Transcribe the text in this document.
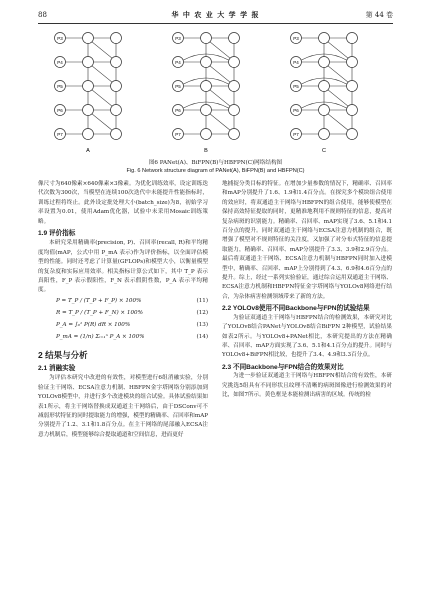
88	华 中 农 业 大 学 学 报	第 44 卷
P3
P4
P5
P6
P7
P3
P4
P5
P6
P7
P3
P4
P5
P6
P7
A	B	C
图6 PANet(A)、BiFPN(B)与HBFPN(C)网络结构图
Fig. 6 Network structure diagram of PANet(A), BiFPN(B) and HBFPN(C)

像尺寸为640像素×640像素×3像素。为优化训练效率，设定训练迭代次数为300次，当模型在连续100次迭代中未能提升性能指标时，训练过程将终止。此外设定批处理大小(batch_size)为8，初始学习率设置为0.01，使用Adam优化器，试验中未采用Mosaic训练策略。

1.9 评价指标

本研究采用精确率(precision, P)、召回率(recall, R)和平均精度均值(mAP，公式中用 P_mA 表示)作为评价指标，以全面评估模型的性能。同时还考虑了计算量(GFLOPs)和模型大小，以衡量模型的复杂度和实际应用效率。相关指标计算公式如下，其中 T_P 表示真阳性，F_P 表示假阳性，F_N 表示假阴性数，P_A 表示平均精度。

P = T_P / (T_P + F_P) × 100%	(11)
R = T_P / (T_P + F_N) × 100%	(12)
P_A = ∫₀¹ P(R) dR × 100%	(13)
P_mA = (1/n) Σᵢ₌₁ⁿ P_A × 100%	(14)
2 结果与分析
2.1 消融实验

为评估本研究中改进的有效性，对模型进行6组消融实验，分别验证主干网络、ECSA注意力机制、HBFPN金字塔网络分别添加到YOLOv8模型中，并进行多个改进模块的组合试验。具体试验结果如表1所示，将主干网络替换成双通道主干网络后，由于DSConv可不减弱形状特征的同时提取能力的增强，模型的精确率、召回率和mAP分别提升了1.2、3.1和1.8百分点。在主干网络的尾部融入ECSA注意力机制后，模型能够综合提取通道和空间信息，进而更好

地捕捉分类目标的特征。在增加少量参数的情况下，精确率、召回率和mAP分别提升了1.6、1.9和1.4百分点。在探究多个模块组合使用的效应时，将双通道主干网络与HBFPN的组合使用，能够使模型在保持高效特征提取的同时，更精准地利用不规则特征的信息，提高对复杂病斑的识别能力。精确率、召回率、mAP实现了3.6、5.1和4.1百分点的提升。同时双通道主干网络与ECSA注意力机制的组合，既增强了模型对不规则特征的关注度，又加强了对分布式特征的信息提取能力，精确率、召回率、mAP分别提升了3.3、3.9和2.9百分点。最后将双通道主干网络、ECSA注意力机制与HBFPN同时加入进模型中，精确率、召回率、mAP上分别得到了4.3、6.9和4.6百分点的提升。综上，经过一系列实验验证，通过综合运用双通道主干网络、ECSA注意力机制和HBFPN特征金字塔网络与YOLOv8网络进行结合，为杂体病害检测领域带来了新的方法。

2.2 YOLOv8使用不同Backbone与FPN的试验结果

为验证双通道主干网络与HBFPN结合的检测效果，本研究对比了YOLOv8结合PANet与YOLOv8结合BiFPN 2种模型，试验结果如表2所示。与YOLOv8+PANet相比，本研究提出的方法在精确率、召回率、mAP方面实现了3.6、5.1和4.1百分点的提升。同时与YOLOv8+BiFPN相比较，也提升了3.4、4.9和3.3百分点。

2.3 不同Backbone与FPN结合的效果对比

为进一步验证双通道主干网络与HBFPN相结合的有效性，本研究挑选5组具有不同形状且纹理不清晰的病斑图像进行检测效果的对比，如图7所示。黄色框是本能检测出病害的区域。传统的检
